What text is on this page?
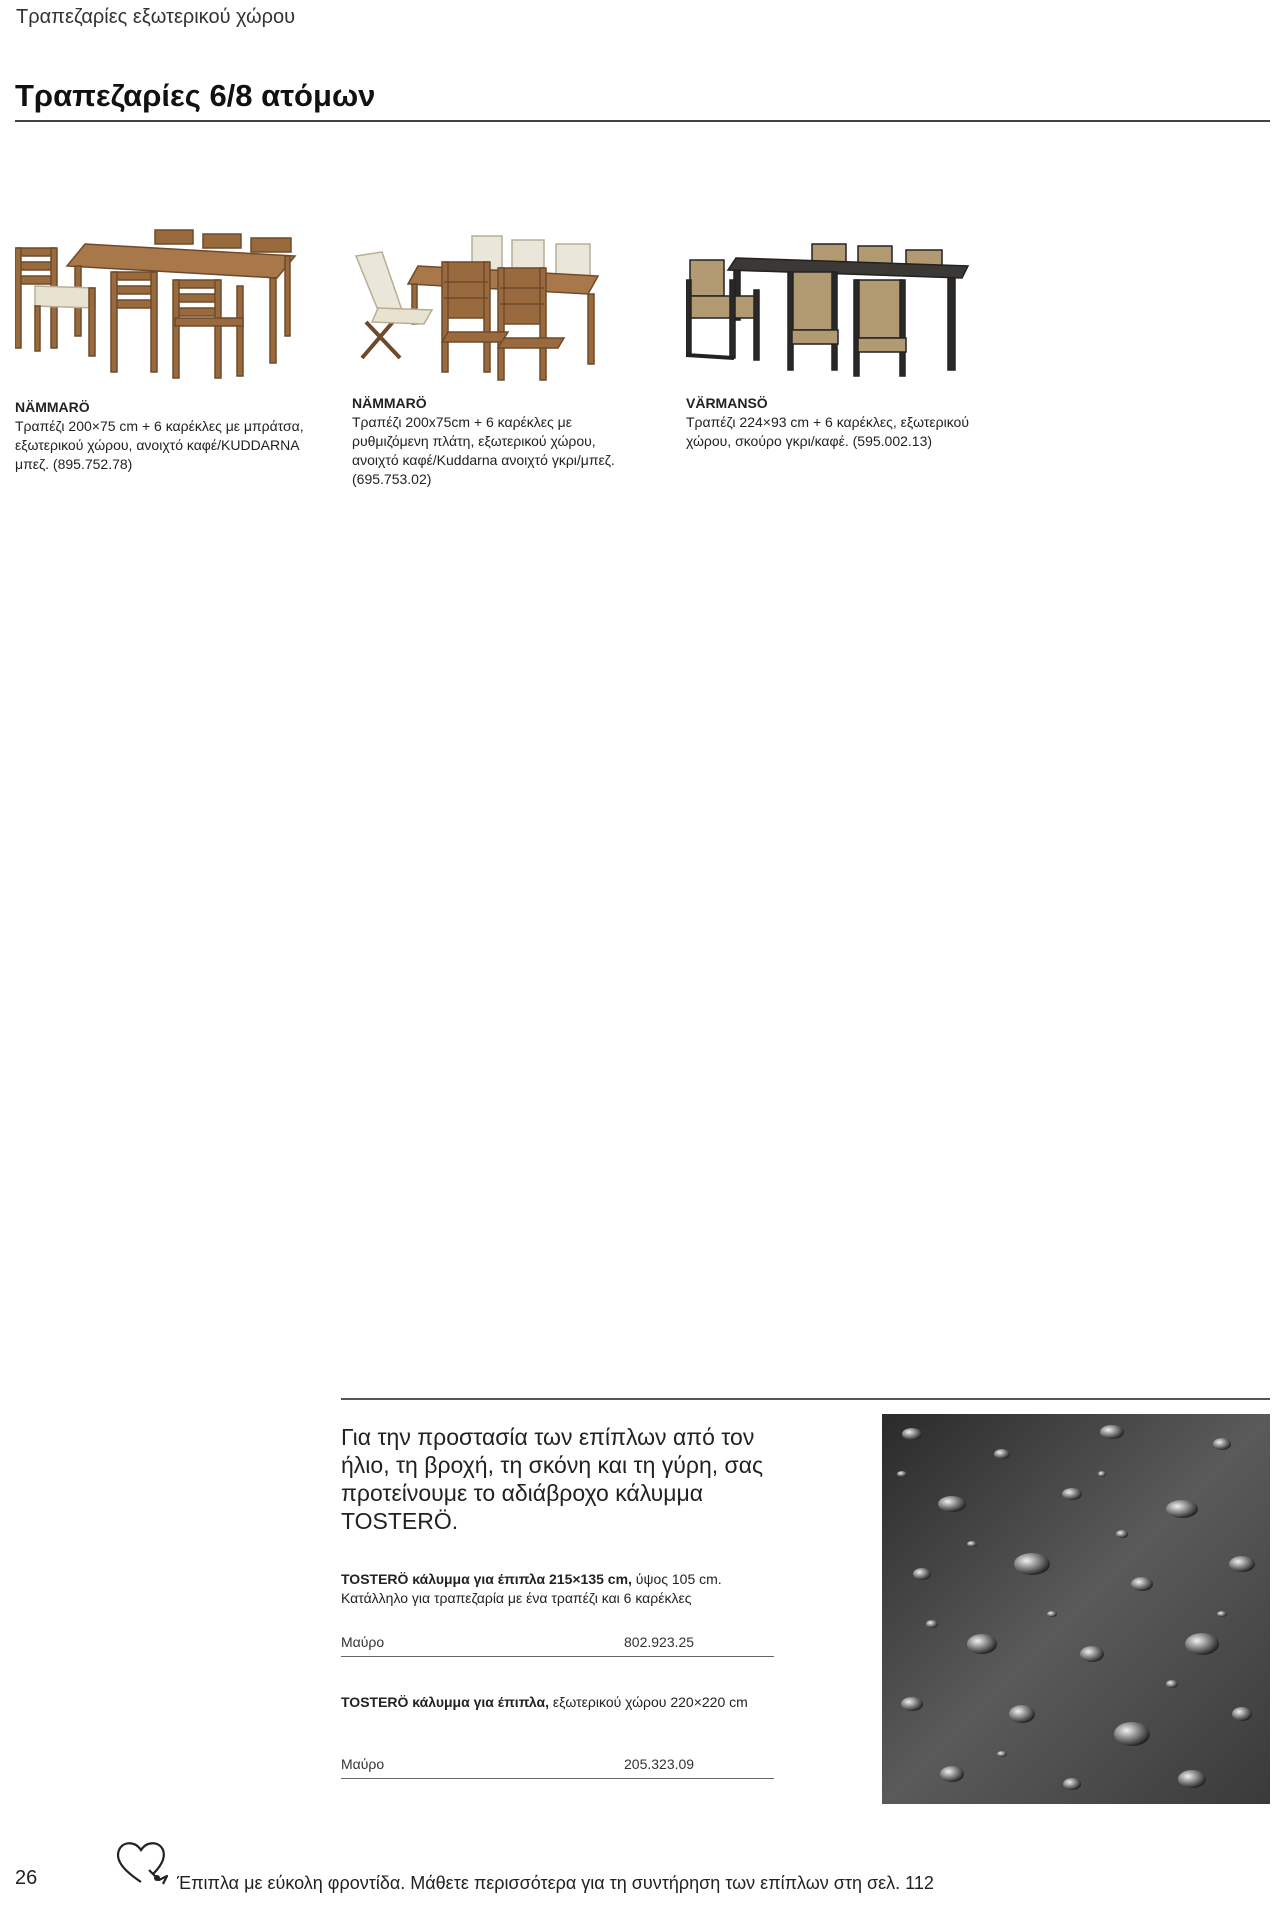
Τραπεζαρίες εξωτερικού χώρου
Τραπεζαρίες 6/8 ατόμων
NÄMMARÖ
Τραπέζι 200×75 cm + 6 καρέκλες με μπράτσα, εξωτερικού χώρου, ανοιχτό καφέ/KUDDARNA μπεζ. (895.752.78)
NÄMMARÖ
Τραπέζι 200x75cm + 6 καρέκλες με ρυθμιζόμενη πλάτη, εξωτερικού χώρου, ανοιχτό καφέ/Kuddarna ανοιχτό γκρι/μπεζ. (695.753.02)
VÄRMANSÖ
Τραπέζι 224×93 cm + 6 καρέκλες, εξωτερικού χώρου, σκούρο γκρι/καφέ. (595.002.13)
Για την προστασία των επίπλων από τον ήλιο, τη βροχή, τη σκόνη και τη γύρη, σας προτείνουμε το αδιάβροχο κάλυμμα TOSTERÖ.
TOSTERÖ κάλυμμα για έπιπλα 215×135 cm, ύψος 105 cm. Κατάλληλο για τραπεζαρία με ένα τραπέζι και 6 καρέκλες
Μαύρο	802.923.25
TOSTERÖ κάλυμμα για έπιπλα, εξωτερικού χώρου 220×220 cm
Μαύρο	205.323.09
26	Έπιπλα με εύκολη φροντίδα. Μάθετε περισσότερα για τη συντήρηση των επίπλων στη σελ. 112
